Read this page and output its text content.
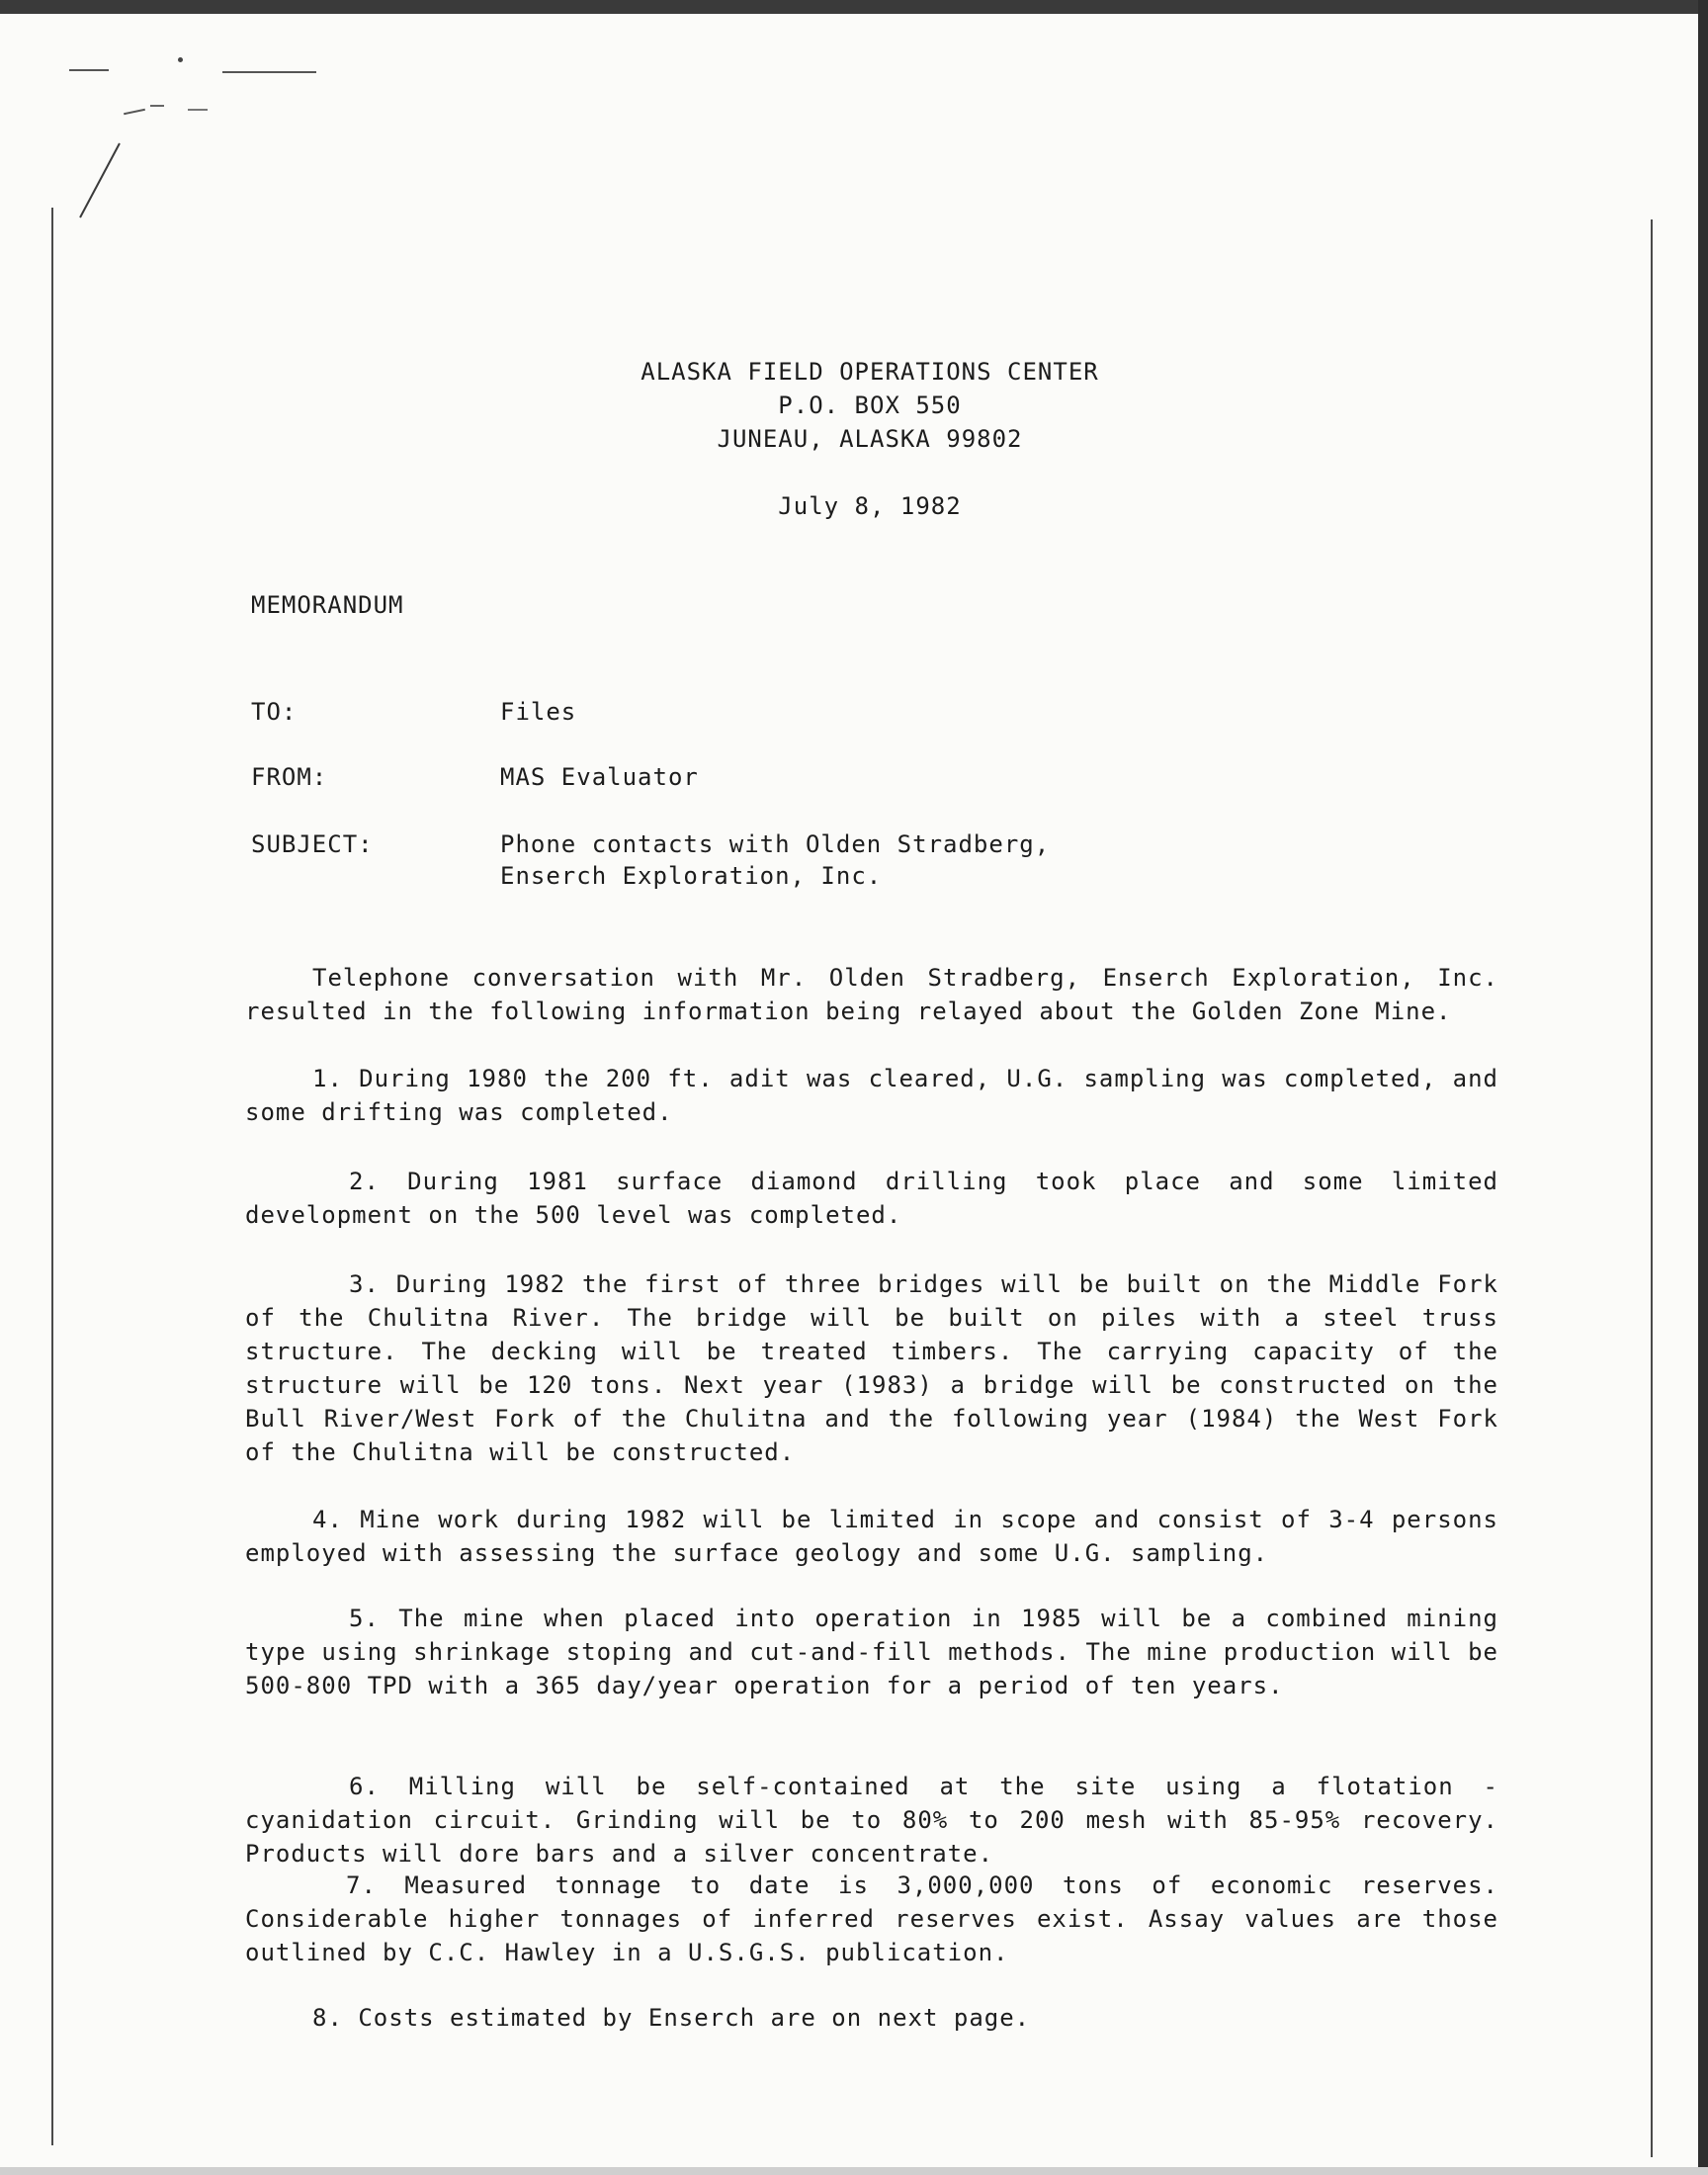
ALASKA FIELD OPERATIONS CENTER
P.O. BOX 550
JUNEAU, ALASKA 99802
July 8, 1982
MEMORANDUM
TO:	Files
FROM:	MAS Evaluator
SUBJECT:	Phone contacts with Olden Stradberg,
Enserch Exploration, Inc.
Telephone conversation with Mr. Olden Stradberg, Enserch Exploration, Inc. resulted in the following information being relayed about the Golden Zone Mine.
1. During 1980 the 200 ft. adit was cleared, U.G. sampling was completed, and some drifting was completed.
2. During 1981 surface diamond drilling took place and some limited development on the 500 level was completed.
3. During 1982 the first of three bridges will be built on the Middle Fork of the Chulitna River. The bridge will be built on piles with a steel truss structure. The decking will be treated timbers. The carrying capacity of the structure will be 120 tons. Next year (1983) a bridge will be constructed on the Bull River/West Fork of the Chulitna and the following year (1984) the West Fork of the Chulitna will be constructed.
4. Mine work during 1982 will be limited in scope and consist of 3-4 persons employed with assessing the surface geology and some U.G. sampling.
5. The mine when placed into operation in 1985 will be a combined mining type using shrinkage stoping and cut-and-fill methods. The mine production will be 500-800 TPD with a 365 day/year operation for a period of ten years.
6. Milling will be self-contained at the site using a flotation - cyanidation circuit. Grinding will be to 80% to 200 mesh with 85-95% recovery. Products will dore bars and a silver concentrate.
7. Measured tonnage to date is 3,000,000 tons of economic reserves. Considerable higher tonnages of inferred reserves exist. Assay values are those outlined by C.C. Hawley in a U.S.G.S. publication.
8. Costs estimated by Enserch are on next page.
